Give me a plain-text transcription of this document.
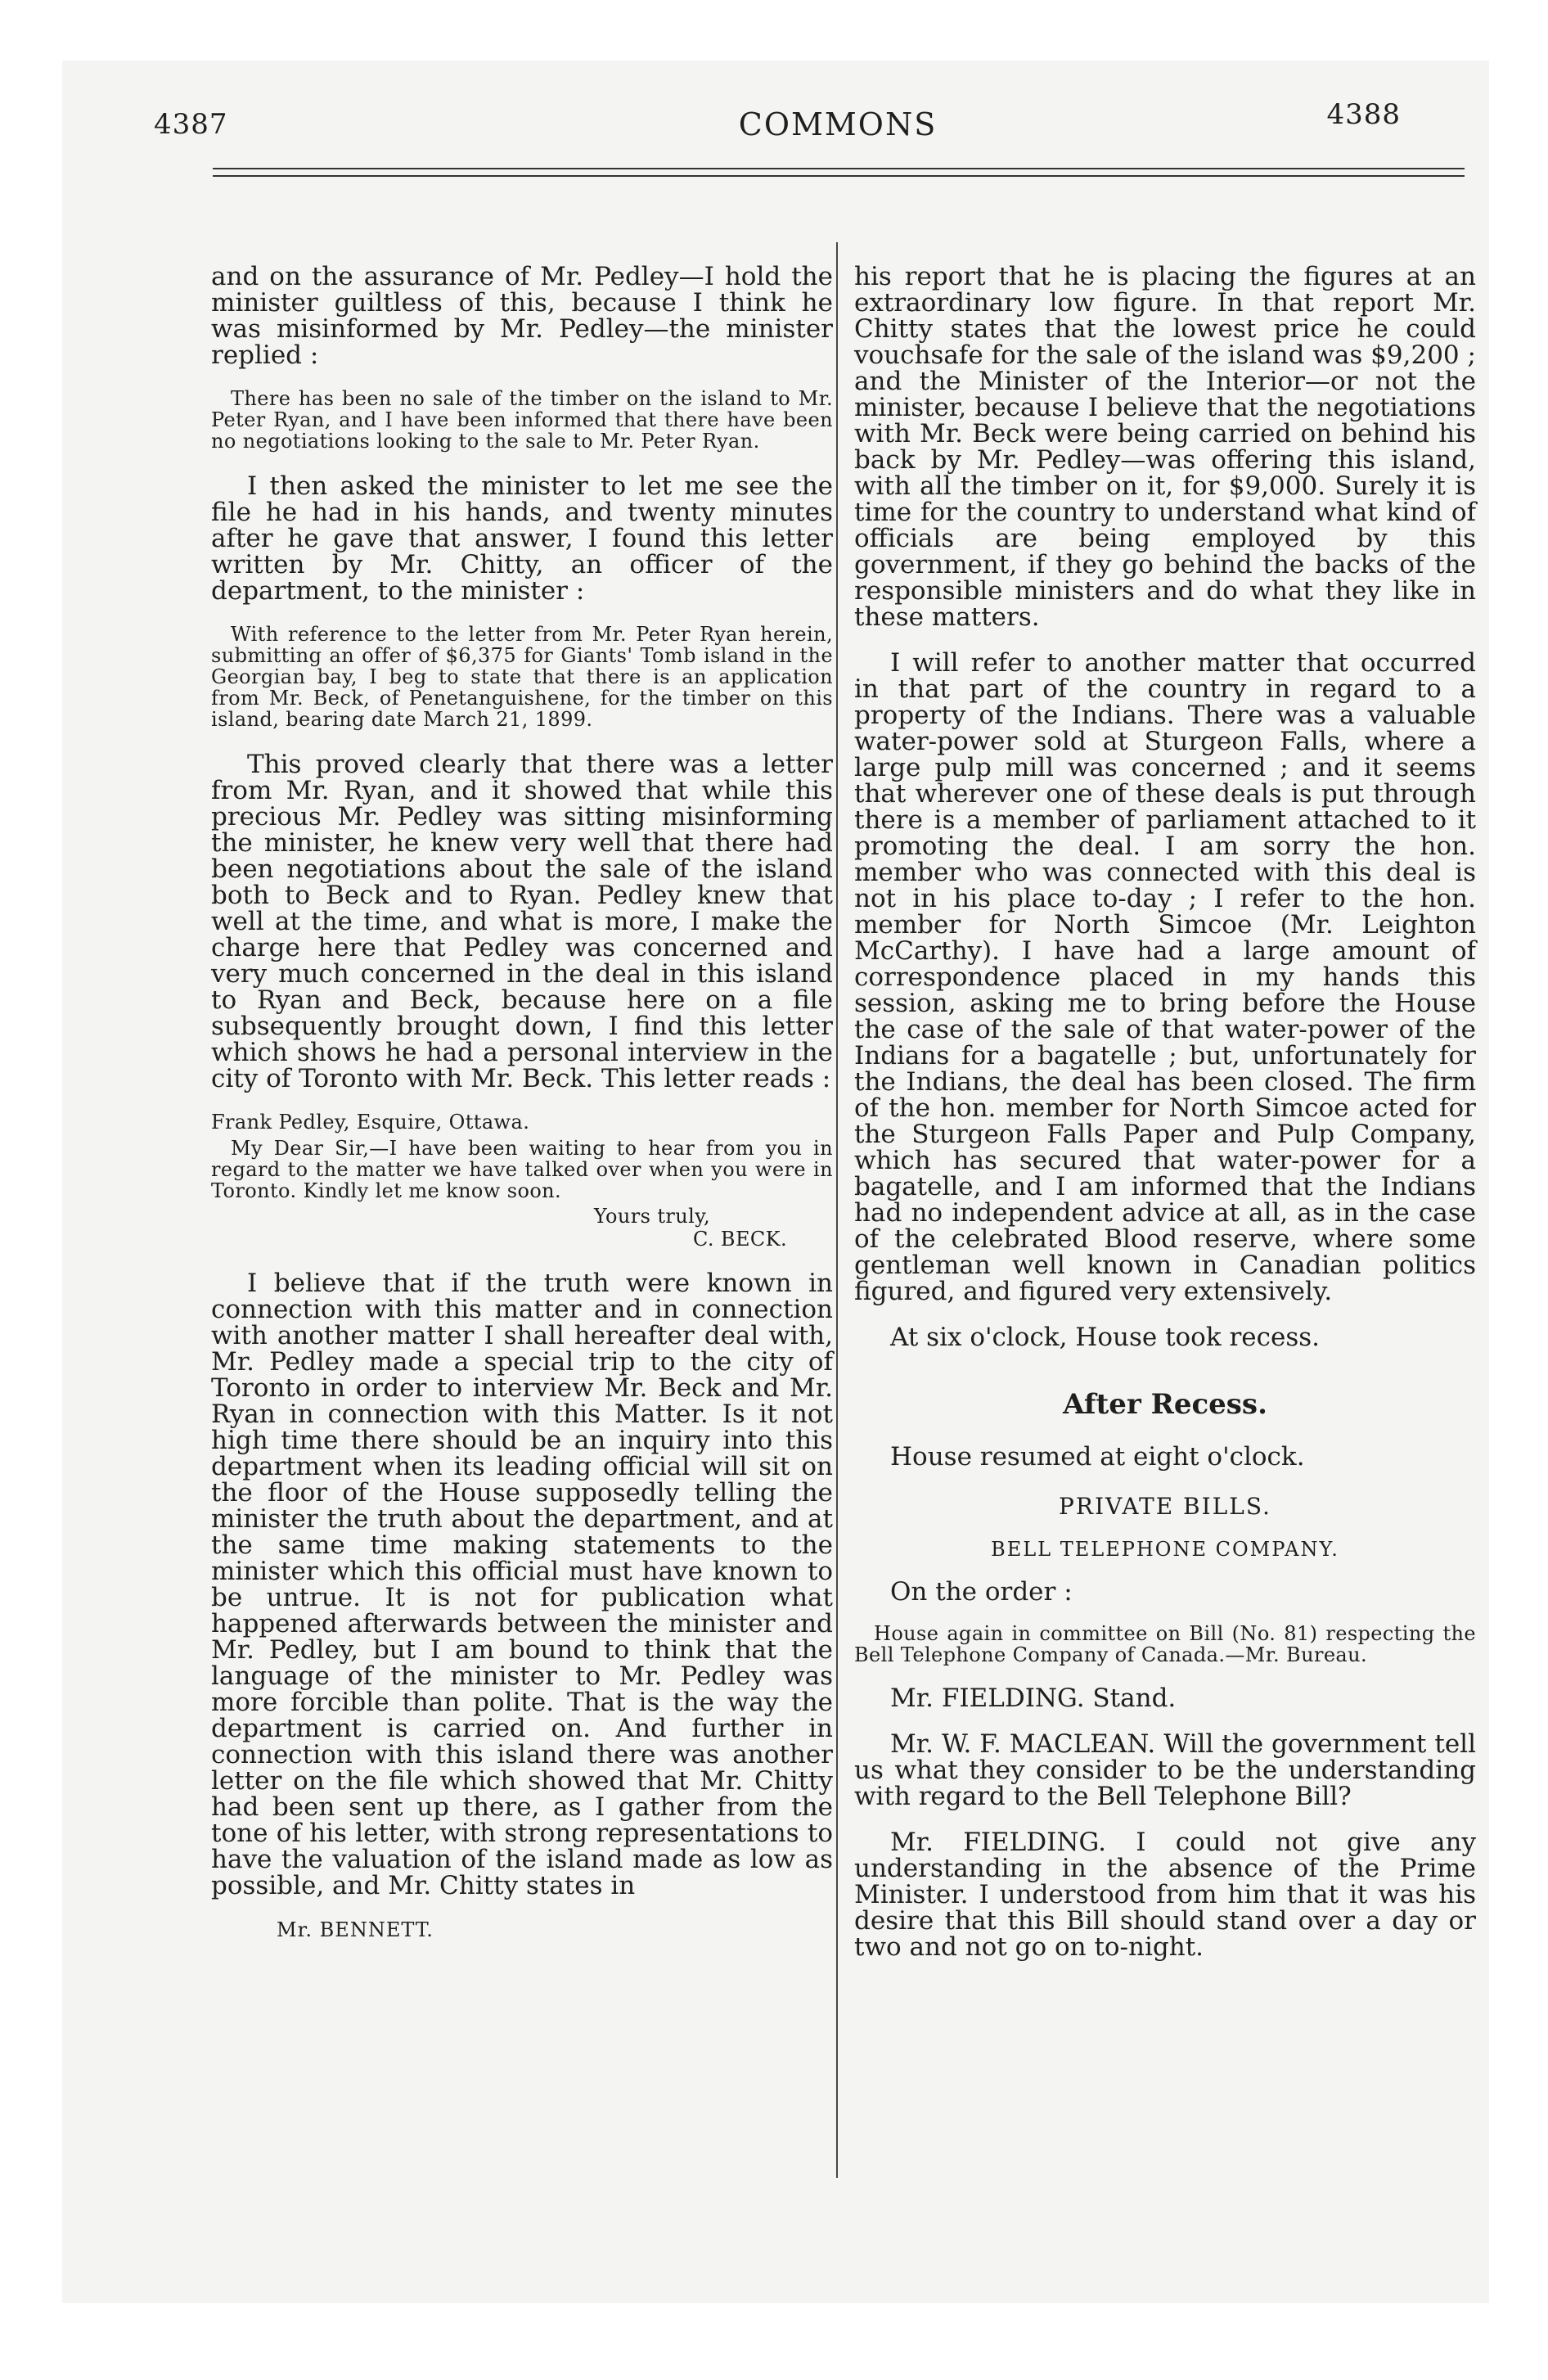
4387	COMMONS	4388

and on the assurance of Mr. Pedley—I hold the minister guiltless of this, because I think he was misinformed by Mr. Pedley—the minister replied :

There has been no sale of the timber on the island to Mr. Peter Ryan, and I have been informed that there have been no negotiations looking to the sale to Mr. Peter Ryan.

I then asked the minister to let me see the file he had in his hands, and twenty minutes after he gave that answer, I found this letter written by Mr. Chitty, an officer of the department, to the minister :

With reference to the letter from Mr. Peter Ryan herein, submitting an offer of $6,375 for Giants' Tomb island in the Georgian bay, I beg to state that there is an application from Mr. Beck, of Penetanguishene, for the timber on this island, bearing date March 21, 1899.

This proved clearly that there was a letter from Mr. Ryan, and it showed that while this precious Mr. Pedley was sitting misinforming the minister, he knew very well that there had been negotiations about the sale of the island both to Beck and to Ryan. Pedley knew that well at the time, and what is more, I make the charge here that Pedley was concerned and very much concerned in the deal in this island to Ryan and Beck, because here on a file subsequently brought down, I find this letter which shows he had a personal interview in the city of Toronto with Mr. Beck. This letter reads :

Frank Pedley, Esquire, Ottawa.

My Dear Sir,—I have been waiting to hear from you in regard to the matter we have talked over when you were in Toronto. Kindly let me know soon.

Yours truly,

C. BECK.

I believe that if the truth were known in connection with this matter and in connection with another matter I shall hereafter deal with, Mr. Pedley made a special trip to the city of Toronto in order to interview Mr. Beck and Mr. Ryan in connection with this Matter. Is it not high time there should be an inquiry into this department when its leading official will sit on the floor of the House supposedly telling the minister the truth about the department, and at the same time making statements to the minister which this official must have known to be untrue. It is not for publication what happened afterwards between the minister and Mr. Pedley, but I am bound to think that the language of the minister to Mr. Pedley was more forcible than polite. That is the way the department is carried on. And further in connection with this island there was another letter on the file which showed that Mr. Chitty had been sent up there, as I gather from the tone of his letter, with strong representations to have the valuation of the island made as low as possible, and Mr. Chitty states in

Mr. BENNETT.

his report that he is placing the figures at an extraordinary low figure. In that report Mr. Chitty states that the lowest price he could vouchsafe for the sale of the island was $9,200 ; and the Minister of the Interior—or not the minister, because I believe that the negotiations with Mr. Beck were being carried on behind his back by Mr. Pedley—was offering this island, with all the timber on it, for $9,000. Surely it is time for the country to understand what kind of officials are being employed by this government, if they go behind the backs of the responsible ministers and do what they like in these matters.

I will refer to another matter that occurred in that part of the country in regard to a property of the Indians. There was a valuable water-power sold at Sturgeon Falls, where a large pulp mill was concerned ; and it seems that wherever one of these deals is put through there is a member of parliament attached to it promoting the deal. I am sorry the hon. member who was connected with this deal is not in his place to-day ; I refer to the hon. member for North Simcoe (Mr. Leighton McCarthy). I have had a large amount of correspondence placed in my hands this session, asking me to bring before the House the case of the sale of that water-power of the Indians for a bagatelle ; but, unfortunately for the Indians, the deal has been closed. The firm of the hon. member for North Simcoe acted for the Sturgeon Falls Paper and Pulp Company, which has secured that water-power for a bagatelle, and I am informed that the Indians had no independent advice at all, as in the case of the celebrated Blood reserve, where some gentleman well known in Canadian politics figured, and figured very extensively.

At six o'clock, House took recess.

After Recess.

House resumed at eight o'clock.

PRIVATE BILLS.

BELL TELEPHONE COMPANY.

On the order :

House again in committee on Bill (No. 81) respecting the Bell Telephone Company of Canada.—Mr. Bureau.

Mr. FIELDING. Stand.

Mr. W. F. MACLEAN. Will the government tell us what they consider to be the understanding with regard to the Bell Telephone Bill?

Mr. FIELDING. I could not give any understanding in the absence of the Prime Minister. I understood from him that it was his desire that this Bill should stand over a day or two and not go on to-night.
